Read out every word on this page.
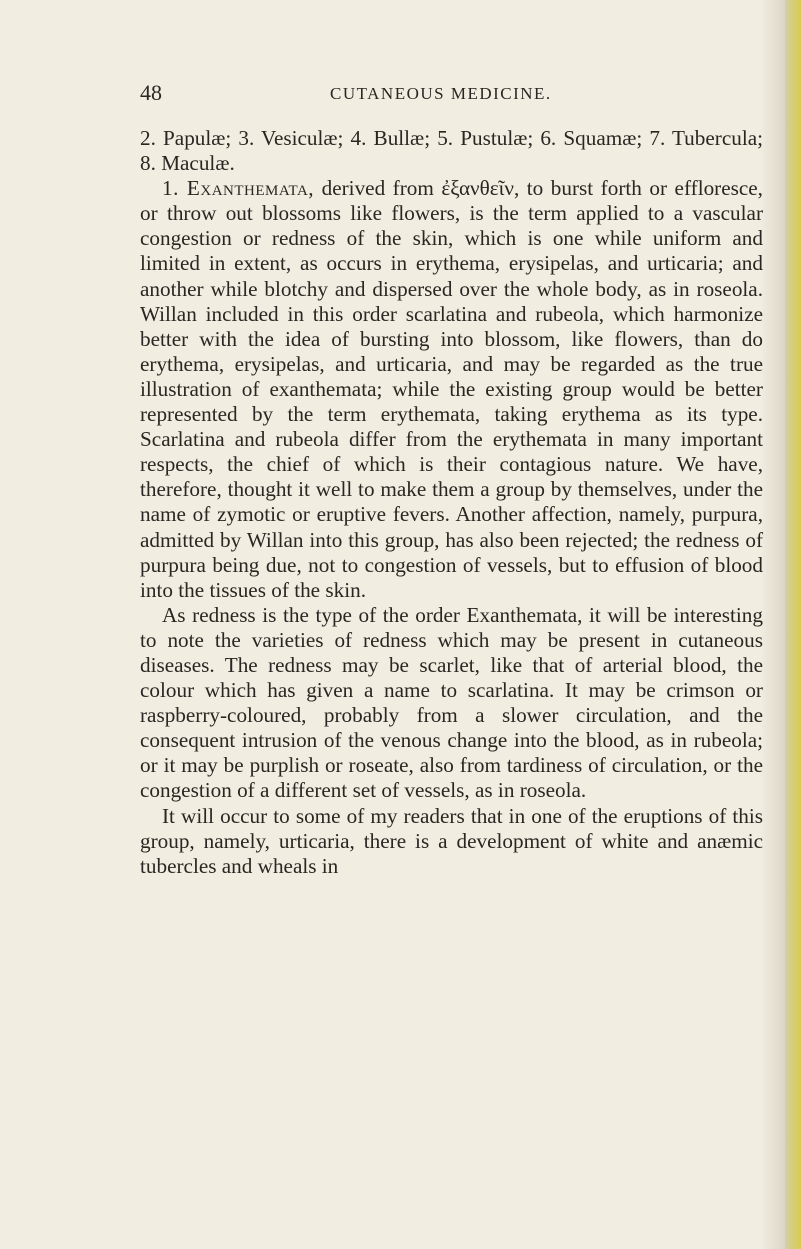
48	CUTANEOUS MEDICINE.

2. Papulæ; 3. Vesiculæ; 4. Bullæ; 5. Pustulæ; 6. Squamæ; 7. Tubercula; 8. Maculæ.

1. Exanthemata, derived from ἐξανθεῖν, to burst forth or effloresce, or throw out blossoms like flowers, is the term applied to a vascular congestion or redness of the skin, which is one while uniform and limited in extent, as occurs in erythema, erysipelas, and urticaria; and another while blotchy and dispersed over the whole body, as in roseola. Willan included in this order scarlatina and rubeola, which harmonize better with the idea of bursting into blossom, like flowers, than do erythema, erysipelas, and urticaria, and may be regarded as the true illustration of exanthemata; while the existing group would be better represented by the term erythemata, taking erythema as its type. Scarlatina and rubeola differ from the erythemata in many important respects, the chief of which is their contagious nature. We have, therefore, thought it well to make them a group by themselves, under the name of zymotic or eruptive fevers. Another affection, namely, purpura, admitted by Willan into this group, has also been rejected; the redness of purpura being due, not to congestion of vessels, but to effusion of blood into the tissues of the skin.

As redness is the type of the order Exanthemata, it will be interesting to note the varieties of redness which may be present in cutaneous diseases. The redness may be scarlet, like that of arterial blood, the colour which has given a name to scarlatina. It may be crimson or raspberry-coloured, probably from a slower circulation, and the consequent intrusion of the venous change into the blood, as in rubeola; or it may be purplish or roseate, also from tardiness of circulation, or the congestion of a different set of vessels, as in roseola.

It will occur to some of my readers that in one of the eruptions of this group, namely, urticaria, there is a development of white and anæmic tubercles and wheals in
